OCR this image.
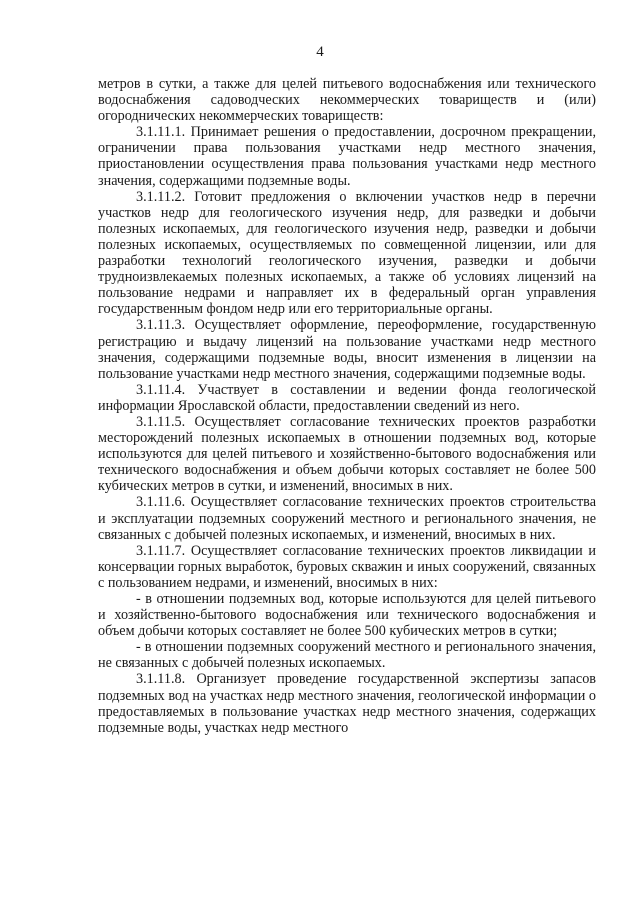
4

метров в сутки, а также для целей питьевого водоснабжения или технического водоснабжения садоводческих некоммерческих товариществ и (или) огороднических некоммерческих товариществ:

3.1.11.1. Принимает решения о предоставлении, досрочном прекращении, ограничении права пользования участками недр местного значения, приостановлении осуществления права пользования участками недр местного значения, содержащими подземные воды.

3.1.11.2. Готовит предложения о включении участков недр в перечни участков недр для геологического изучения недр, для разведки и добычи полезных ископаемых, для геологического изучения недр, разведки и добычи полезных ископаемых, осуществляемых по совмещенной лицензии, или для разработки технологий геологического изучения, разведки и добычи трудноизвлекаемых полезных ископаемых, а также об условиях лицензий на пользование недрами и направляет их в федеральный орган управления государственным фондом недр или его территориальные органы.

3.1.11.3. Осуществляет оформление, переоформление, государственную регистрацию и выдачу лицензий на пользование участками недр местного значения, содержащими подземные воды, вносит изменения в лицензии на пользование участками недр местного значения, содержащими подземные воды.

3.1.11.4. Участвует в составлении и ведении фонда геологической информации Ярославской области, предоставлении сведений из него.

3.1.11.5. Осуществляет согласование технических проектов разработки месторождений полезных ископаемых в отношении подземных вод, которые используются для целей питьевого и хозяйственно-бытового водоснабжения или технического водоснабжения и объем добычи которых составляет не более 500 кубических метров в сутки, и изменений, вносимых в них.

3.1.11.6. Осуществляет согласование технических проектов строительства и эксплуатации подземных сооружений местного и регионального значения, не связанных с добычей полезных ископаемых, и изменений, вносимых в них.

3.1.11.7. Осуществляет согласование технических проектов ликвидации и консервации горных выработок, буровых скважин и иных сооружений, связанных с пользованием недрами, и изменений, вносимых в них:

- в отношении подземных вод, которые используются для целей питьевого и хозяйственно-бытового водоснабжения или технического водоснабжения и объем добычи которых составляет не более 500 кубических метров в сутки;

- в отношении подземных сооружений местного и регионального значения, не связанных с добычей полезных ископаемых.

3.1.11.8. Организует проведение государственной экспертизы запасов подземных вод на участках недр местного значения, геологической информации о предоставляемых в пользование участках недр местного значения, содержащих подземные воды, участках недр местного
